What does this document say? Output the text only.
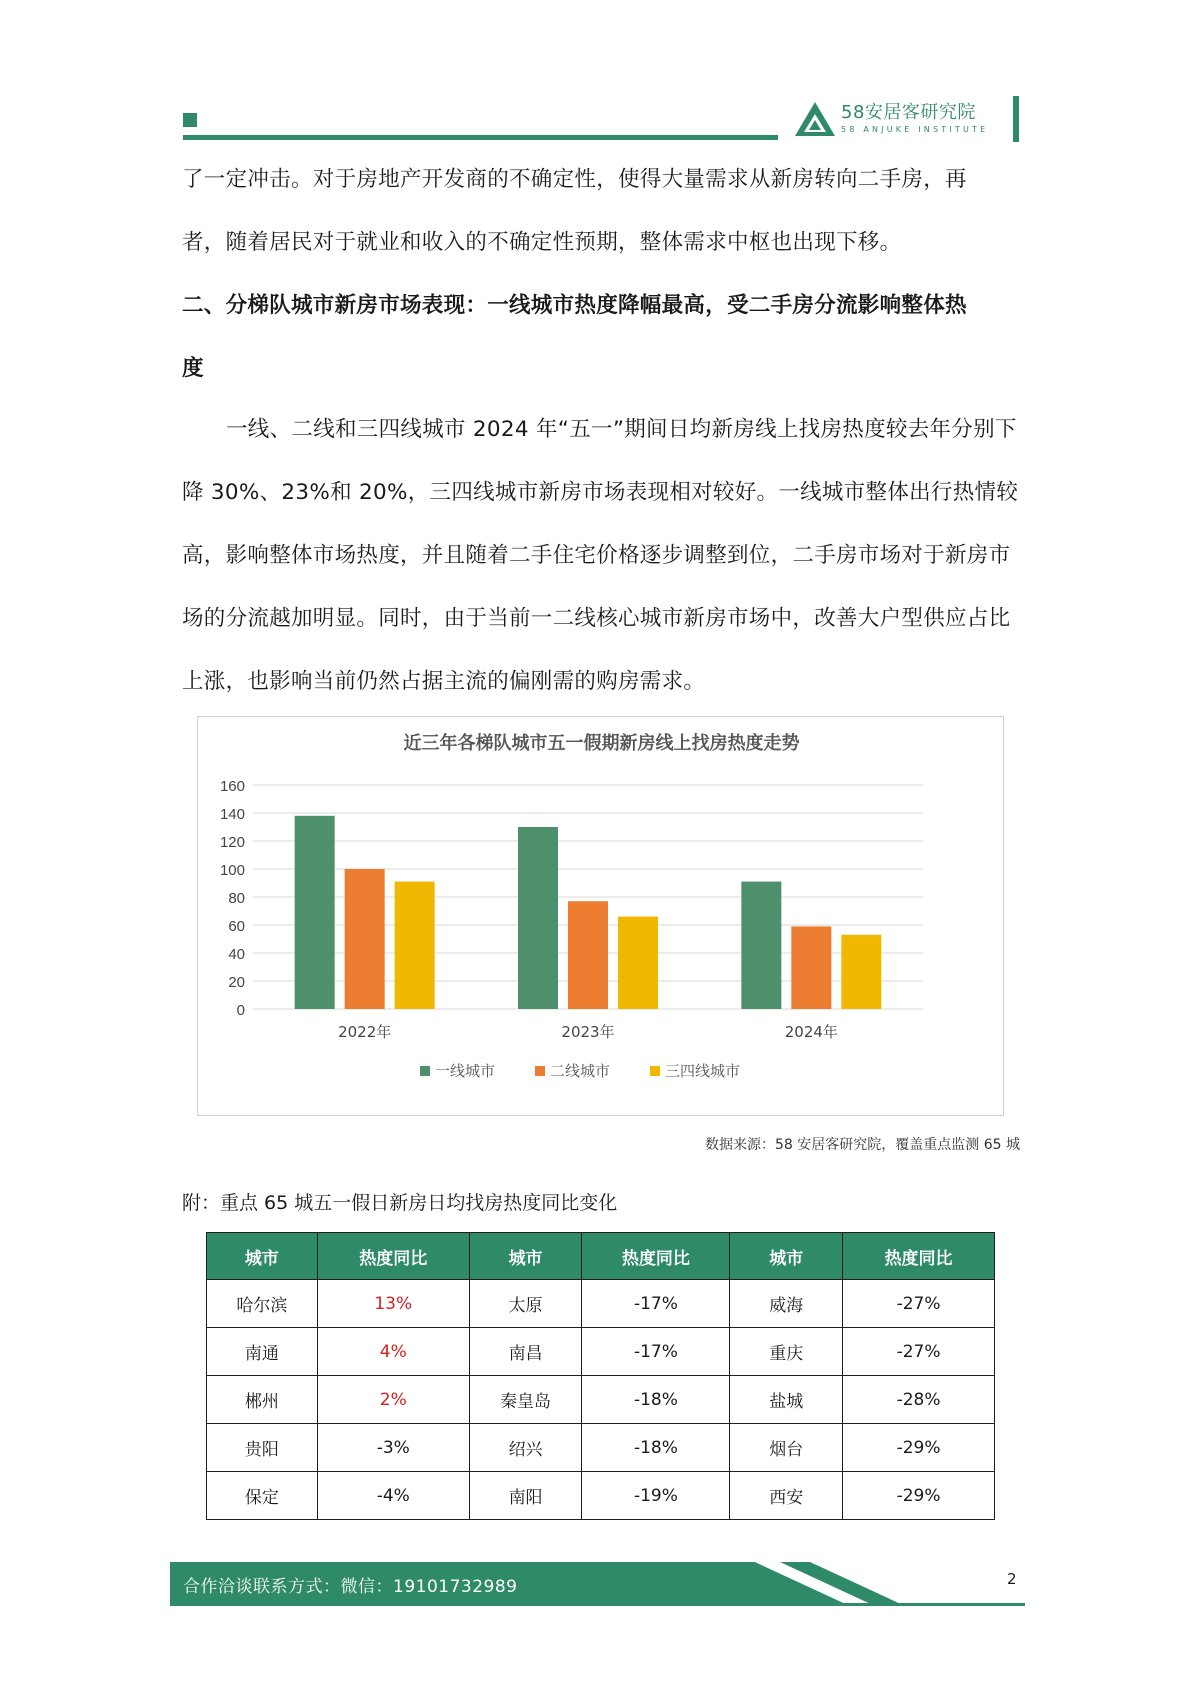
58安居客研究院
58 ANJUKE INSTITUTE
了一定冲击。对于房地产开发商的不确定性，使得大量需求从新房转向二手房，再
者，随着居民对于就业和收入的不确定性预期，整体需求中枢也出现下移。
二、分梯队城市新房市场表现：一线城市热度降幅最高，受二手房分流影响整体热
度
一线、二线和三四线城市 2024 年“五一”期间日均新房线上找房热度较去年分别下降 30%、23%和 20%，三四线城市新房市场表现相对较好。一线城市整体出行热情较高，影响整体市场热度，并且随着二手住宅价格逐步调整到位，二手房市场对于新房市场的分流越加明显。同时，由于当前一二线核心城市新房市场中，改善大户型供应占比上涨，也影响当前仍然占据主流的偏刚需的购房需求。
近三年各梯队城市五一假期新房线上找房热度走势
0
20
40
60
80
100
120
140
160
2022年	2023年	2024年
一线城市	二线城市	三四线城市
数据来源：58 安居客研究院，覆盖重点监测 65 城
附：重点 65 城五一假日新房日均找房热度同比变化
城市	热度同比	城市	热度同比	城市	热度同比
哈尔滨	13%	太原	-17%	威海	-27%
南通	4%	南昌	-17%	重庆	-27%
郴州	2%	秦皇岛	-18%	盐城	-28%
贵阳	-3%	绍兴	-18%	烟台	-29%
保定	-4%	南阳	-19%	西安	-29%
合作洽谈联系方式：微信：19101732989	2
